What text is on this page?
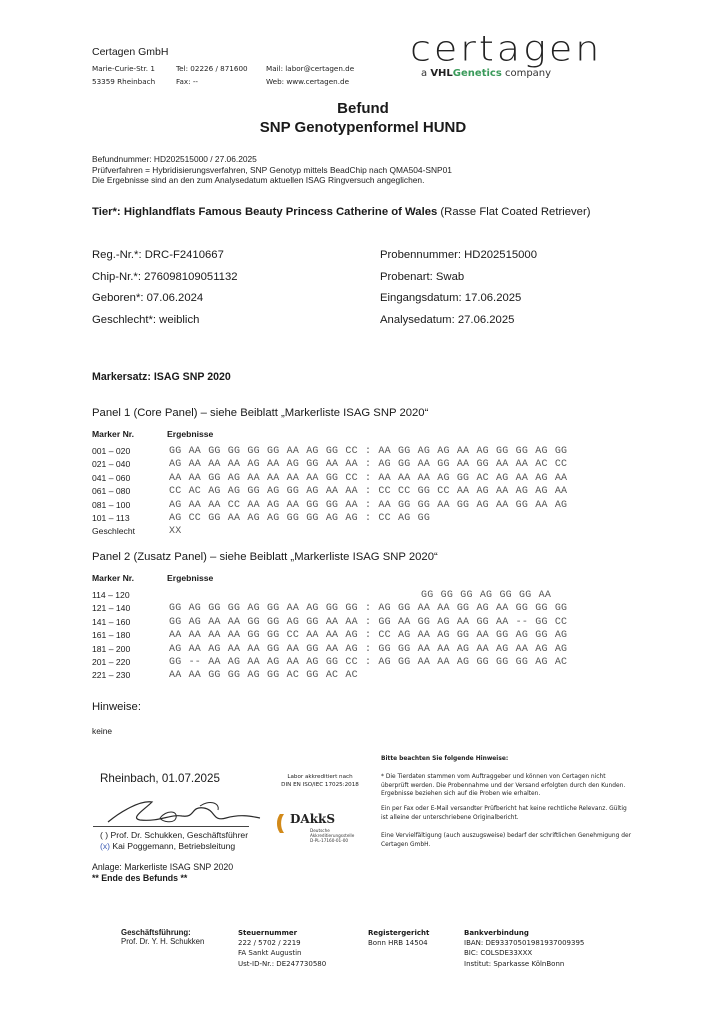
Certagen GmbH
Marie-Curie-Str. 1
53359 Rheinbach
Tel: 02226 / 871600
Fax: --
Mail: labor@certagen.de
Web: www.certagen.de
certagen
a VHLGenetics company
Befund
SNP Genotypenformel HUND
Befundnummer: HD202515000 / 27.06.2025
Prüfverfahren = Hybridisierungsverfahren, SNP Genotyp mittels BeadChip nach QMA504-SNP01
Die Ergebnisse sind an den zum Analysedatum aktuellen ISAG Ringversuch angeglichen.
Tier*: Highlandflats Famous Beauty Princess Catherine of Wales (Rasse Flat Coated Retriever)
Reg.-Nr.*: DRC-F2410667
Chip-Nr.*: 276098109051132
Geboren*: 07.06.2024
Geschlecht*: weiblich
Probennummer: HD202515000
Probenart: Swab
Eingangsdatum: 17.06.2025
Analysedatum: 27.06.2025
Markersatz: ISAG SNP 2020
Panel 1 (Core Panel) – siehe Beiblatt „Markerliste ISAG SNP 2020“
Marker Nr.	Ergebnisse
001 – 020	GG AA GG GG GG GG AA AG GG CC : AA GG AG AG AA AG GG GG AG GG
021 – 040	AG AA AA AA AG AA AG GG AA AA : AG GG AA GG AA GG AA AA AC CC
041 – 060	AA AA GG AG AA AA AA AA GG CC : AA AA AA AG GG AC AG AA AG AA
061 – 080	CC AC AG AG GG AG GG AG AA AA : CC CC GG CC AA AG AA AG AG AA
081 – 100	AG AA AA CC AA AG AA GG GG AA : AA GG GG AA GG AG AA GG AA AG
101 – 113	AG CC GG AA AG AG GG GG AG AG : CC AG GG
Geschlecht	XX
Panel 2 (Zusatz Panel) – siehe Beiblatt „Markerliste ISAG SNP 2020“
Marker Nr.	Ergebnisse
114 – 120	GG GG GG AG GG GG AA
121 – 140	GG AG GG GG AG GG AA AG GG GG : AG GG AA AA GG AG AA GG GG GG
141 – 160	GG AG AA AA GG GG AG GG AA AA : GG AA GG AG AA GG AA -- GG CC
161 – 180	AA AA AA AA GG GG CC AA AA AG : CC AG AA AG GG AA GG AG GG AG
181 – 200	AG AA AG AA AA GG AA GG AA AG : GG GG AA AA AG AA AG AA AG AG
201 – 220	GG -- AA AG AA AG AA AG GG CC : AG GG AA AA AG GG GG GG AG AC
221 – 230	AA AA GG GG AG GG AC GG AC AC
Hinweise:
keine
Rheinbach, 01.07.2025
( ) Prof. Dr. Schukken, Geschäftsführer
(x) Kai Poggemann, Betriebsleitung
Anlage: Markerliste ISAG SNP 2020
** Ende des Befunds **
Labor akkreditiert nach
DIN EN ISO/IEC 17025:2018
((( DAkkS
Deutsche
Akkreditierungsstelle
D-PL-17160-01-00
Bitte beachten Sie folgende Hinweise:
* Die Tierdaten stammen vom Auftraggeber und können von Certagen nicht überprüft werden. Die Probennahme und der Versand erfolgten durch den Kunden. Ergebnisse beziehen sich auf die Proben wie erhalten.
Ein per Fax oder E-Mail versandter Prüfbericht hat keine rechtliche Relevanz. Gültig ist alleine der unterschriebene Originalbericht.
Eine Vervielfältigung (auch auszugsweise) bedarf der schriftlichen Genehmigung der Certagen GmbH.
Geschäftsführung:
Prof. Dr. Y. H. Schukken
Steuernummer
222 / 5702 / 2219
FA Sankt Augustin
Ust-ID-Nr.: DE247730580
Registergericht
Bonn HRB 14504
Bankverbindung
IBAN: DE93370501981937009395
BIC: COLSDE33XXX
Institut: Sparkasse KölnBonn
